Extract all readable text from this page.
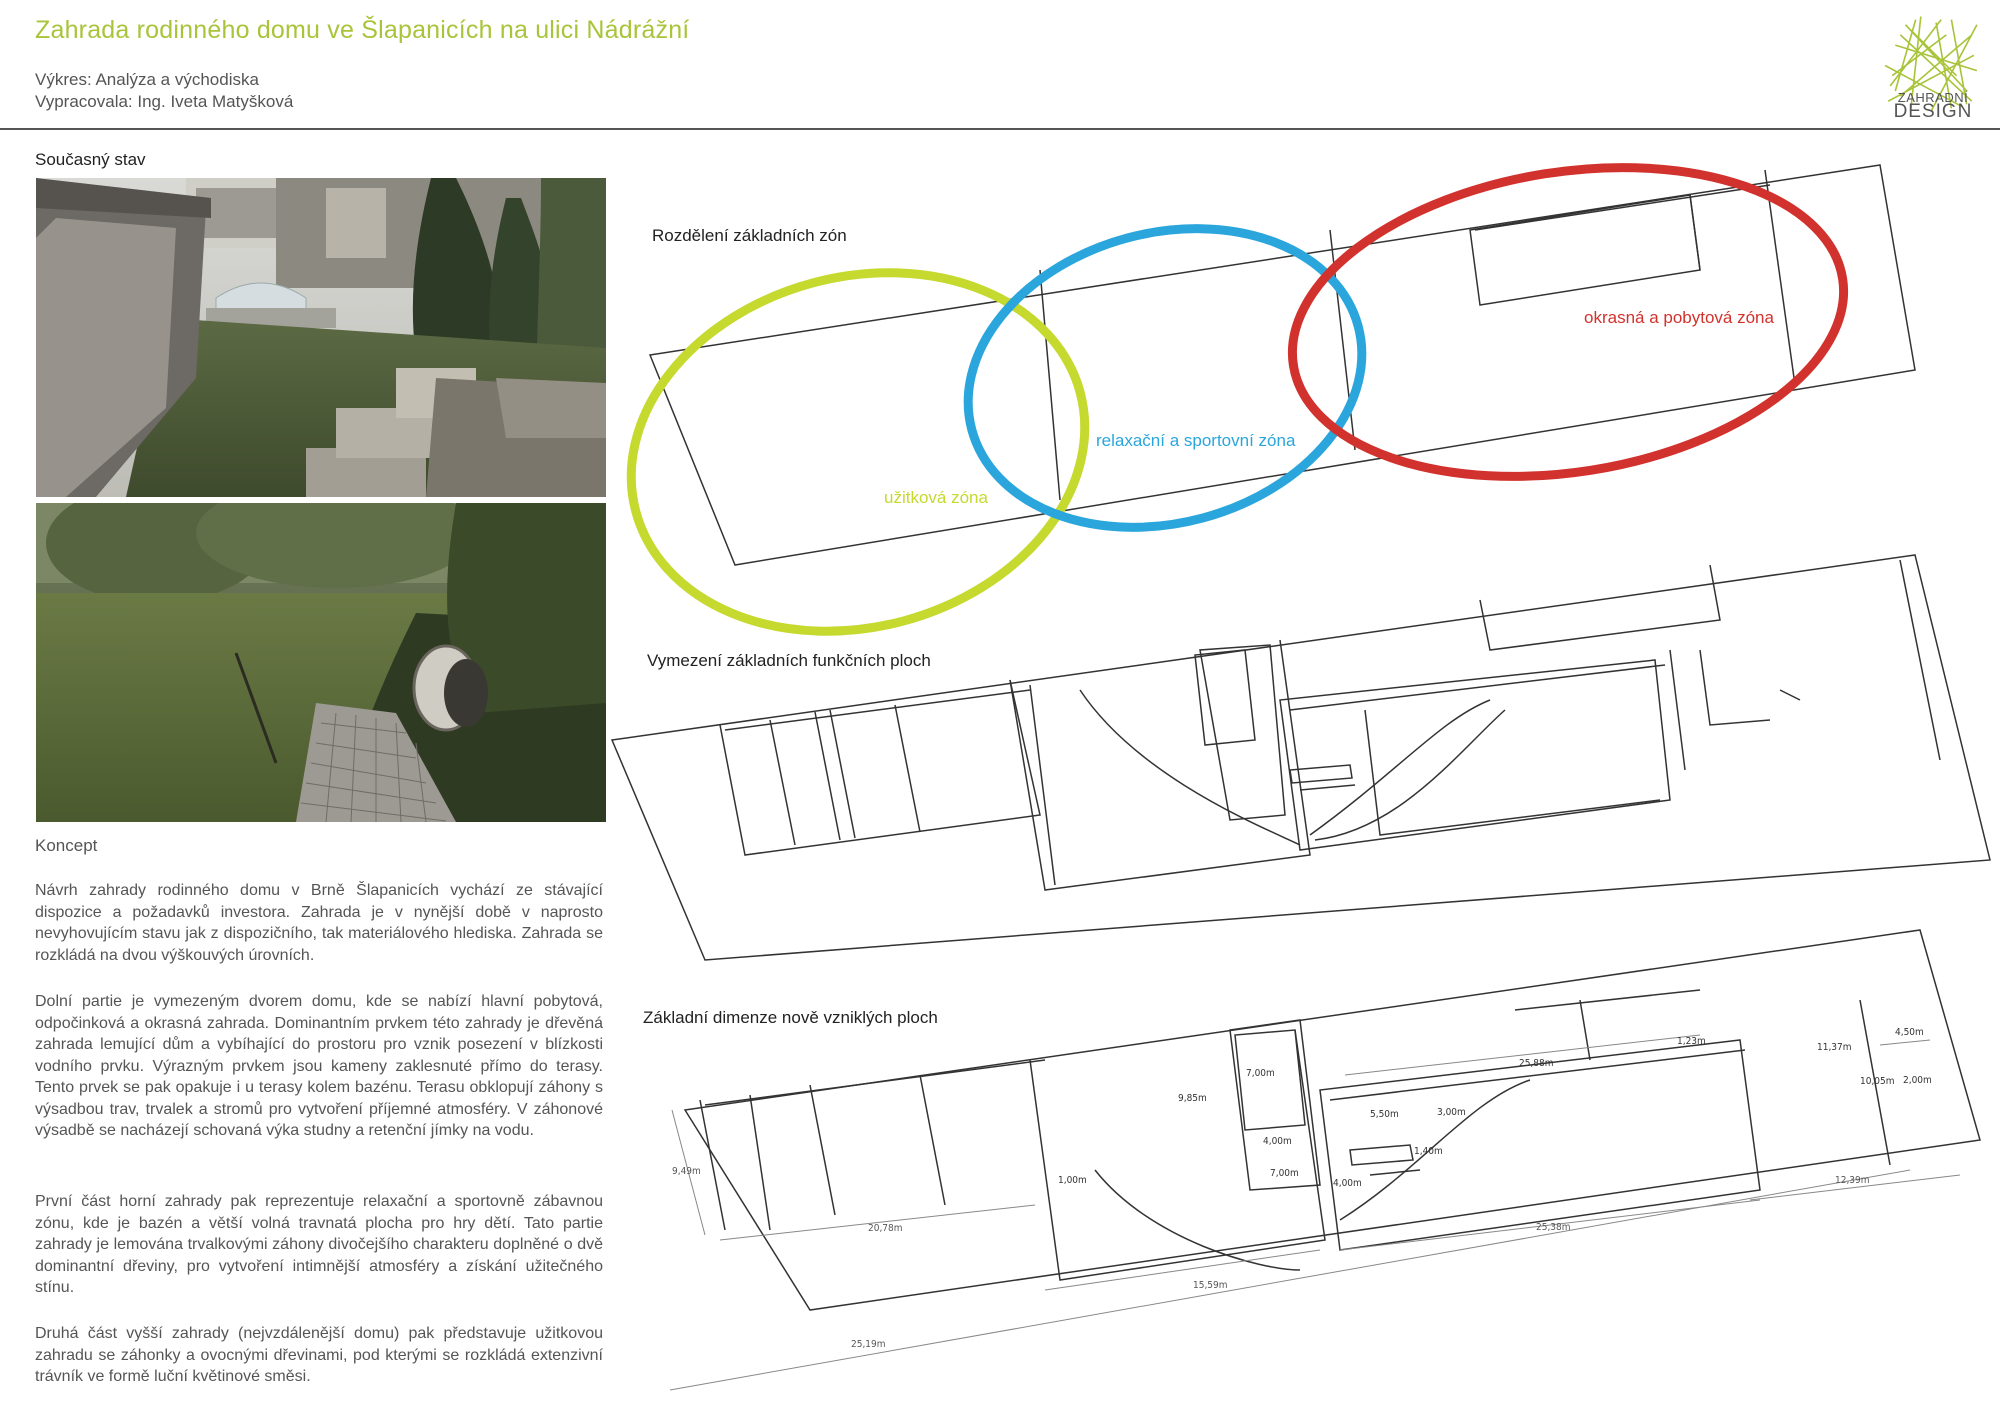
Zahrada rodinného domu ve Šlapanicích na ulici Nádrážní
Výkres: Analýza a východiska
Vypracovala: Ing. Iveta Matyšková	ZAHRADNÍ
DESIGN
Současný stav
Koncept
Návrh zahrady rodinného domu v Brně Šlapanicích vychází ze stávající dispozice a požadavků investora. Zahrada je v nynější době v naprosto nevyhovujícím stavu jak z dispozičního, tak materiálového hlediska. Zahrada se rozkládá na dvou výškouvých úrovních.
Dolní partie je vymezeným dvorem domu, kde se nabízí hlavní pobytová, odpočinková a okrasná zahrada. Dominantním prvkem této zahrady je dřevěná zahrada lemující dům a vybíhající do prostoru pro vznik posezení v blízkosti vodního prvku. Výrazným prvkem jsou kameny zaklesnuté přímo do terasy. Tento prvek se pak opakuje i u terasy kolem bazénu. Terasu obklopují záhony s výsadbou trav, trvalek a stromů pro vytvoření příjemné atmosféry. V záhonové výsadbě se nacházejí schovaná výka studny a retenční jímky na vodu.
První část horní zahrady pak reprezentuje relaxační a sportovně zábavnou zónu, kde je bazén a větší volná travnatá plocha pro hry dětí. Tato partie zahrady je lemována trvalkovými záhony divočejšího charakteru doplněné o dvě dominantní dřeviny, pro vytvoření intimnější atmosféry a získání užitečného stínu.
Druhá část vyšší zahrady (nejvzdálenější domu) pak představuje užitkovou zahradu se záhonky a ovocnými dřevinami, pod kterými se rozkládá extenzivní trávník ve formě luční květinové směsi.
Rozdělení základních zón
Vymezení základních funkčních ploch
Základní dimenze nově vzniklých ploch
užitková zóna
relaxační a sportovní zóna
okrasná a pobytová zóna
9,49m
20,78m
1,00m
15,59m
25,19m
9,85m
7,00m
4,00m
7,00m
5,50m	3,00m
1,40m
4,00m
25,88m
1,23m
25,38m
11,37m
4,50m
10,05m 2,00m
12,39m
